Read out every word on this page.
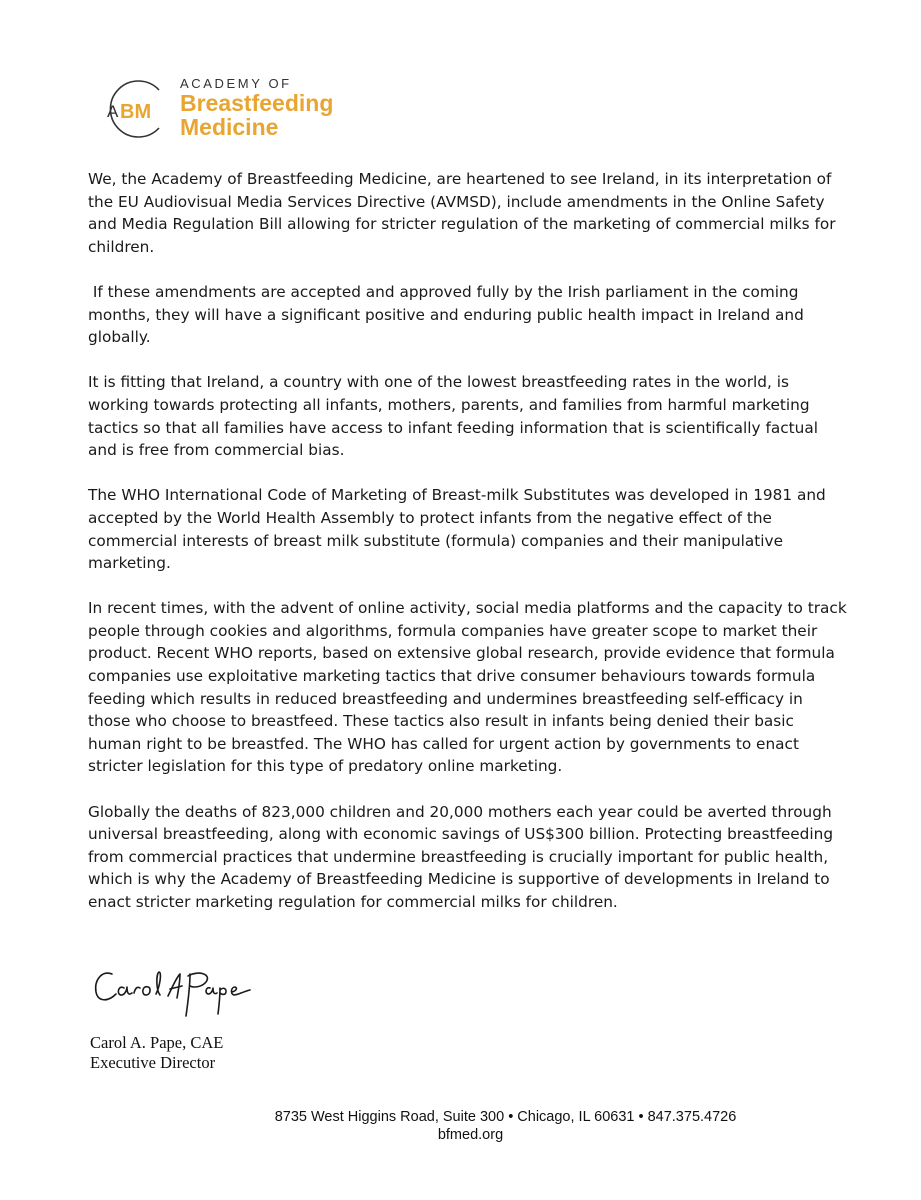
A BM
ACADEMY OF
Breastfeeding
Medicine

We, the Academy of Breastfeeding Medicine, are heartened to see Ireland, in its interpretation of the EU Audiovisual Media Services Directive (AVMSD), include amendments in the Online Safety and Media Regulation Bill allowing for stricter regulation of the marketing of commercial milks for children.

If these amendments are accepted and approved fully by the Irish parliament in the coming months, they will have a significant positive and enduring public health impact in Ireland and globally.

It is fitting that Ireland, a country with one of the lowest breastfeeding rates in the world, is working towards protecting all infants, mothers, parents, and families from harmful marketing tactics so that all families have access to infant feeding information that is scientifically factual and is free from commercial bias.

The WHO International Code of Marketing of Breast-milk Substitutes was developed in 1981 and accepted by the World Health Assembly to protect infants from the negative effect of the commercial interests of breast milk substitute (formula) companies and their manipulative marketing.

In recent times, with the advent of online activity, social media platforms and the capacity to track people through cookies and algorithms, formula companies have greater scope to market their product. Recent WHO reports, based on extensive global research, provide evidence that formula companies use exploitative marketing tactics that drive consumer behaviours towards formula feeding which results in reduced breastfeeding and undermines breastfeeding self-efficacy in those who choose to breastfeed. These tactics also result in infants being denied their basic human right to be breastfed. The WHO has called for urgent action by governments to enact stricter legislation for this type of predatory online marketing.

Globally the deaths of 823,000 children and 20,000 mothers each year could be averted through universal breastfeeding, along with economic savings of US$300 billion. Protecting breastfeeding from commercial practices that undermine breastfeeding is crucially important for public health, which is why the Academy of Breastfeeding Medicine is supportive of developments in Ireland to enact stricter marketing regulation for commercial milks for children.

Carol A. Pape, CAE
Executive Director
8735 West Higgins Road, Suite 300 • Chicago, IL 60631 • 847.375.4726
bfmed.org
